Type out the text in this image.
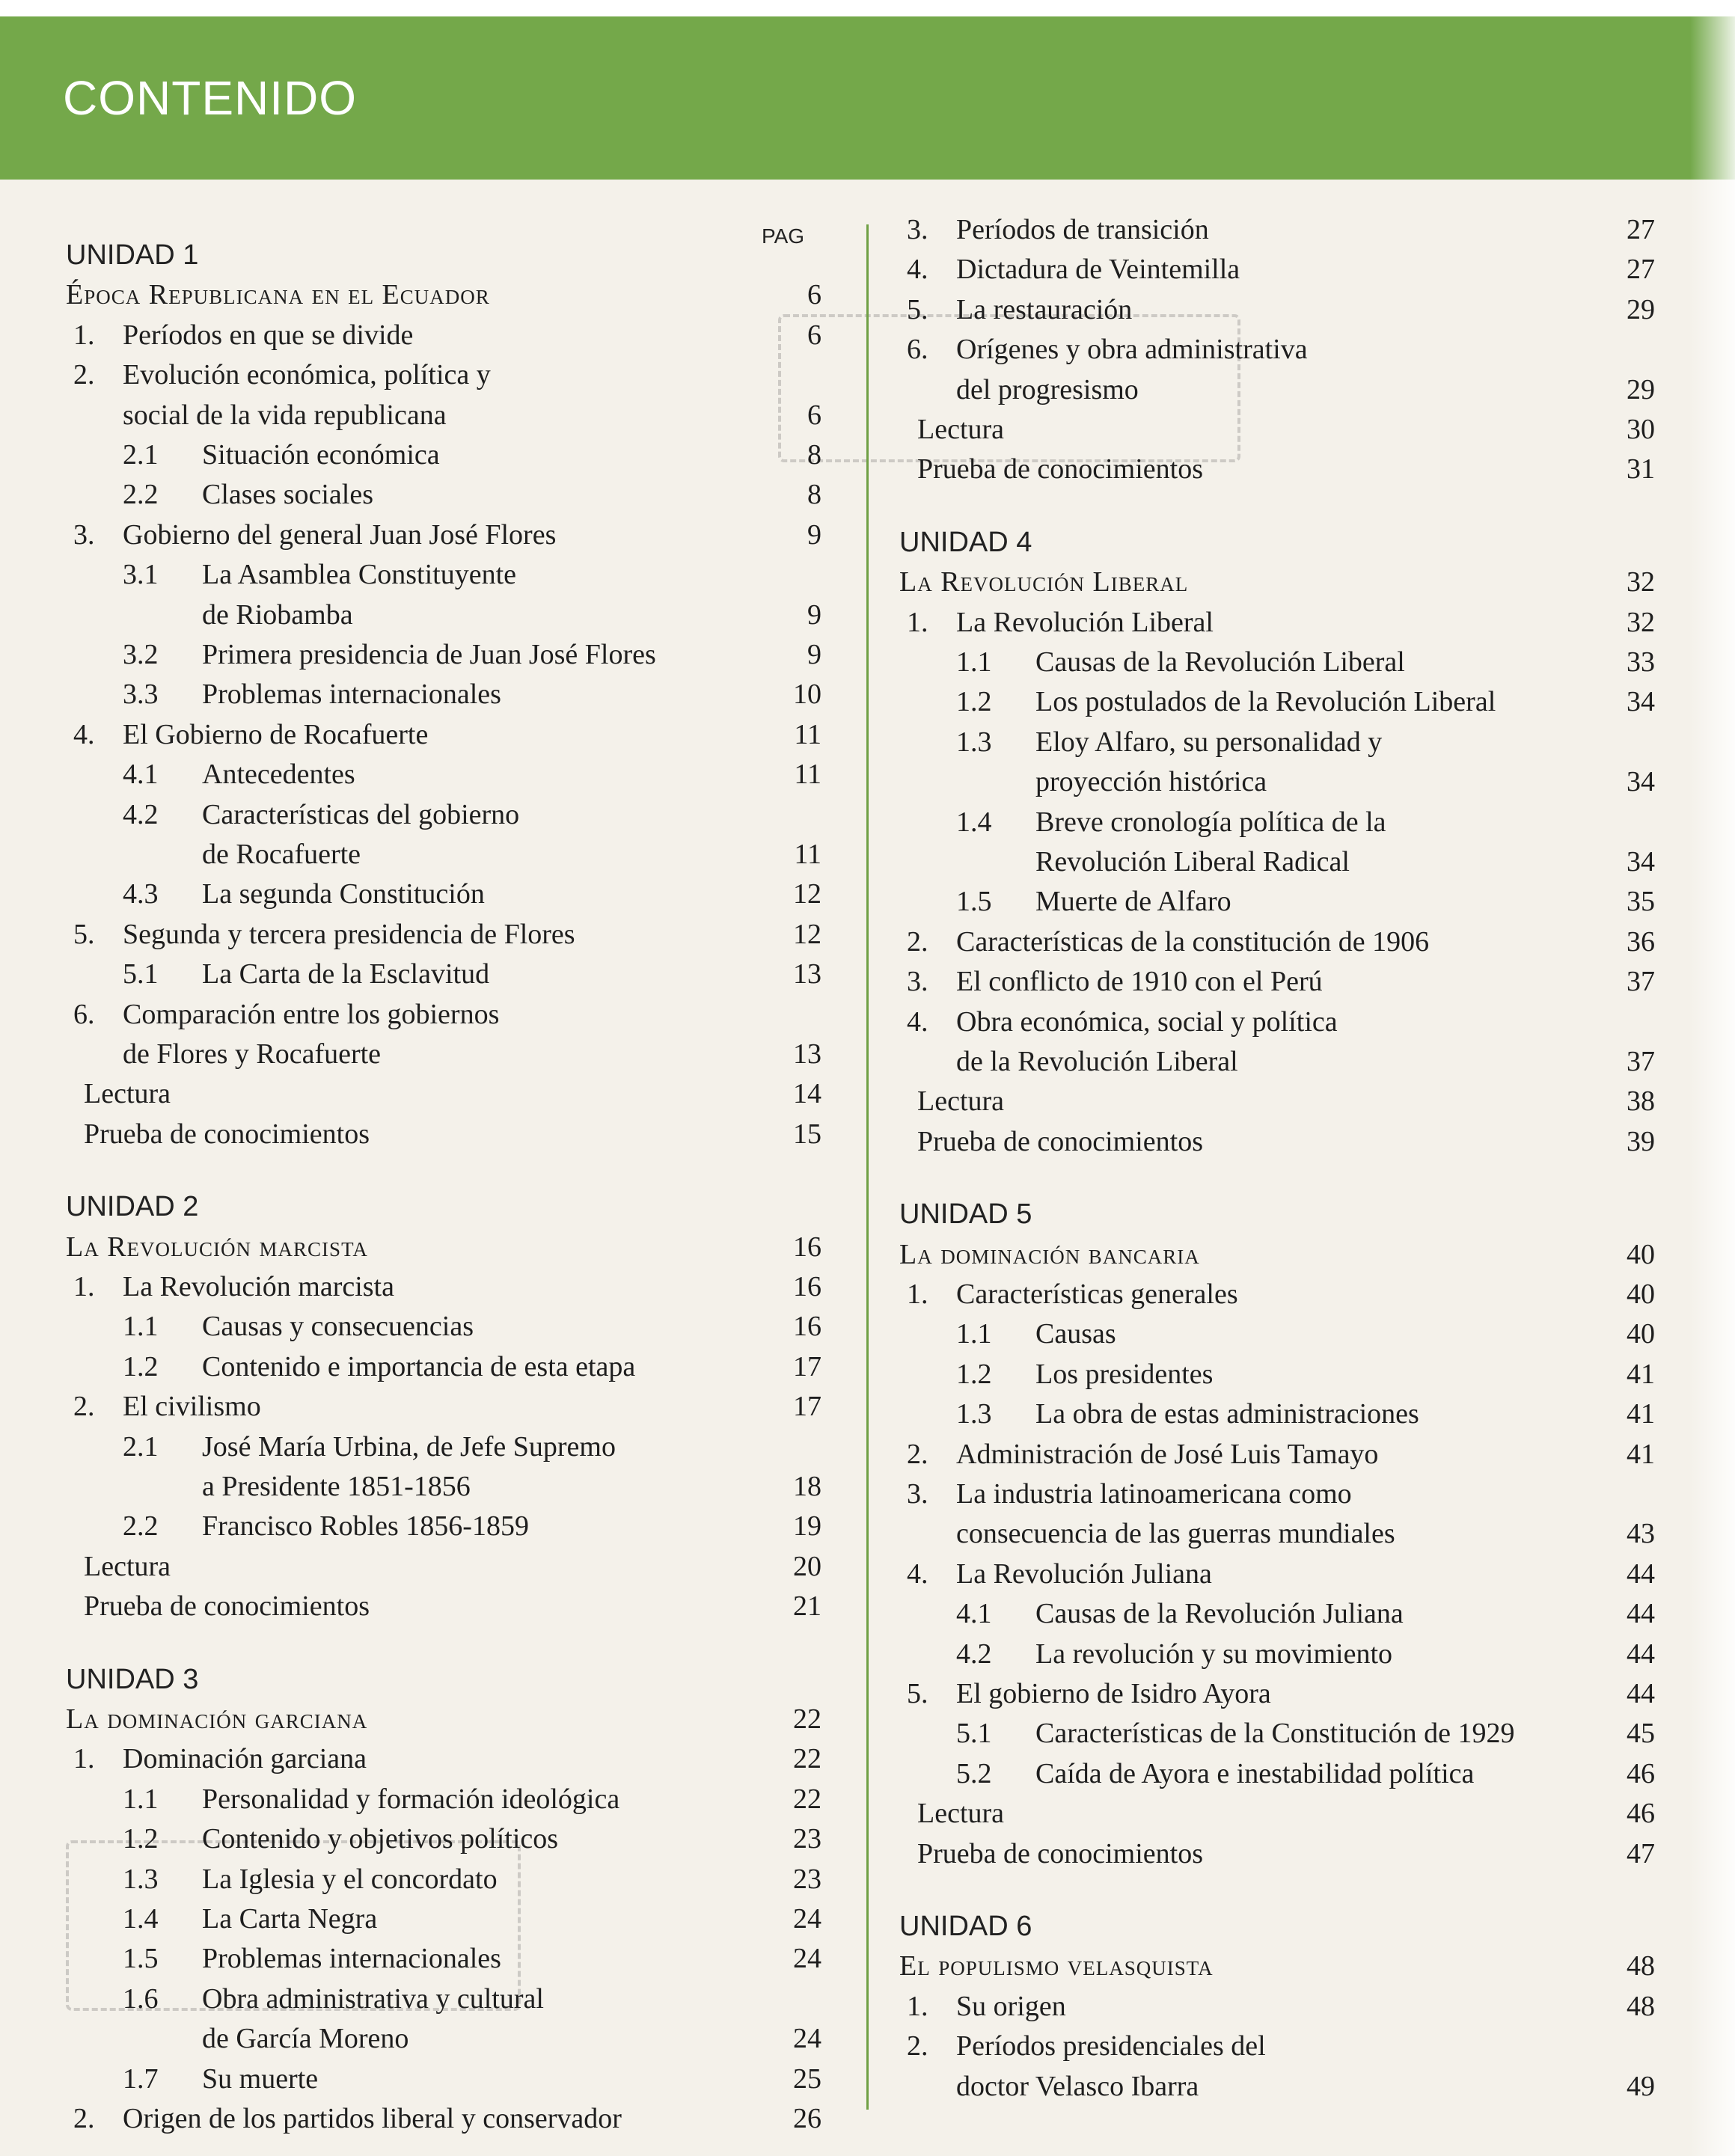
CONTENIDO
PAG
UNIDAD 1
Época Republicana en el Ecuador	6
1. Períodos en que se divide	6
2. Evolución económica, política y
social de la vida republicana	6
2.1 Situación económica	8
2.2 Clases sociales	8
3. Gobierno del general Juan José Flores	9
3.1 La Asamblea Constituyente
de Riobamba	9
3.2 Primera presidencia de Juan José Flores	9
3.3 Problemas internacionales	10
4. El Gobierno de Rocafuerte	11
4.1 Antecedentes	11
4.2 Características del gobierno
de Rocafuerte	11
4.3 La segunda Constitución	12
5. Segunda y tercera presidencia de Flores	12
5.1 La Carta de la Esclavitud	13
6. Comparación entre los gobiernos
de Flores y Rocafuerte	13
Lectura	14
Prueba de conocimientos	15
UNIDAD 2
La Revolución marcista	16
1. La Revolución marcista	16
1.1 Causas y consecuencias	16
1.2 Contenido e importancia de esta etapa	17
2. El civilismo	17
2.1 José María Urbina, de Jefe Supremo
a Presidente 1851-1856	18
2.2 Francisco Robles 1856-1859	19
Lectura	20
Prueba de conocimientos	21
UNIDAD 3
La dominación garciana	22
1. Dominación garciana	22
1.1 Personalidad y formación ideológica	22
1.2 Contenido y objetivos políticos	23
1.3 La Iglesia y el concordato	23
1.4 La Carta Negra	24
1.5 Problemas internacionales	24
1.6 Obra administrativa y cultural
de García Moreno	24
1.7 Su muerte	25
2. Origen de los partidos liberal y conservador	26
3. Períodos de transición	27
4. Dictadura de Veintemilla	27
5. La restauración	29
6. Orígenes y obra administrativa
del progresismo	29
Lectura	30
Prueba de conocimientos	31
UNIDAD 4
La Revolución Liberal	32
1. La Revolución Liberal	32
1.1 Causas de la Revolución Liberal	33
1.2 Los postulados de la Revolución Liberal	34
1.3 Eloy Alfaro, su personalidad y
proyección histórica	34
1.4 Breve cronología política de la
Revolución Liberal Radical	34
1.5 Muerte de Alfaro	35
2. Características de la constitución de 1906	36
3. El conflicto de 1910 con el Perú	37
4. Obra económica, social y política
de la Revolución Liberal	37
Lectura	38
Prueba de conocimientos	39
UNIDAD 5
La dominación bancaria	40
1. Características generales	40
1.1 Causas	40
1.2 Los presidentes	41
1.3 La obra de estas administraciones	41
2. Administración de José Luis Tamayo	41
3. La industria latinoamericana como
consecuencia de las guerras mundiales	43
4. La Revolución Juliana	44
4.1 Causas de la Revolución Juliana	44
4.2 La revolución y su movimiento	44
5. El gobierno de Isidro Ayora	44
5.1 Características de la Constitución de 1929	45
5.2 Caída de Ayora e inestabilidad política	46
Lectura	46
Prueba de conocimientos	47
UNIDAD 6
El populismo velasquista	48
1. Su origen	48
2. Períodos presidenciales del
doctor Velasco Ibarra	49
